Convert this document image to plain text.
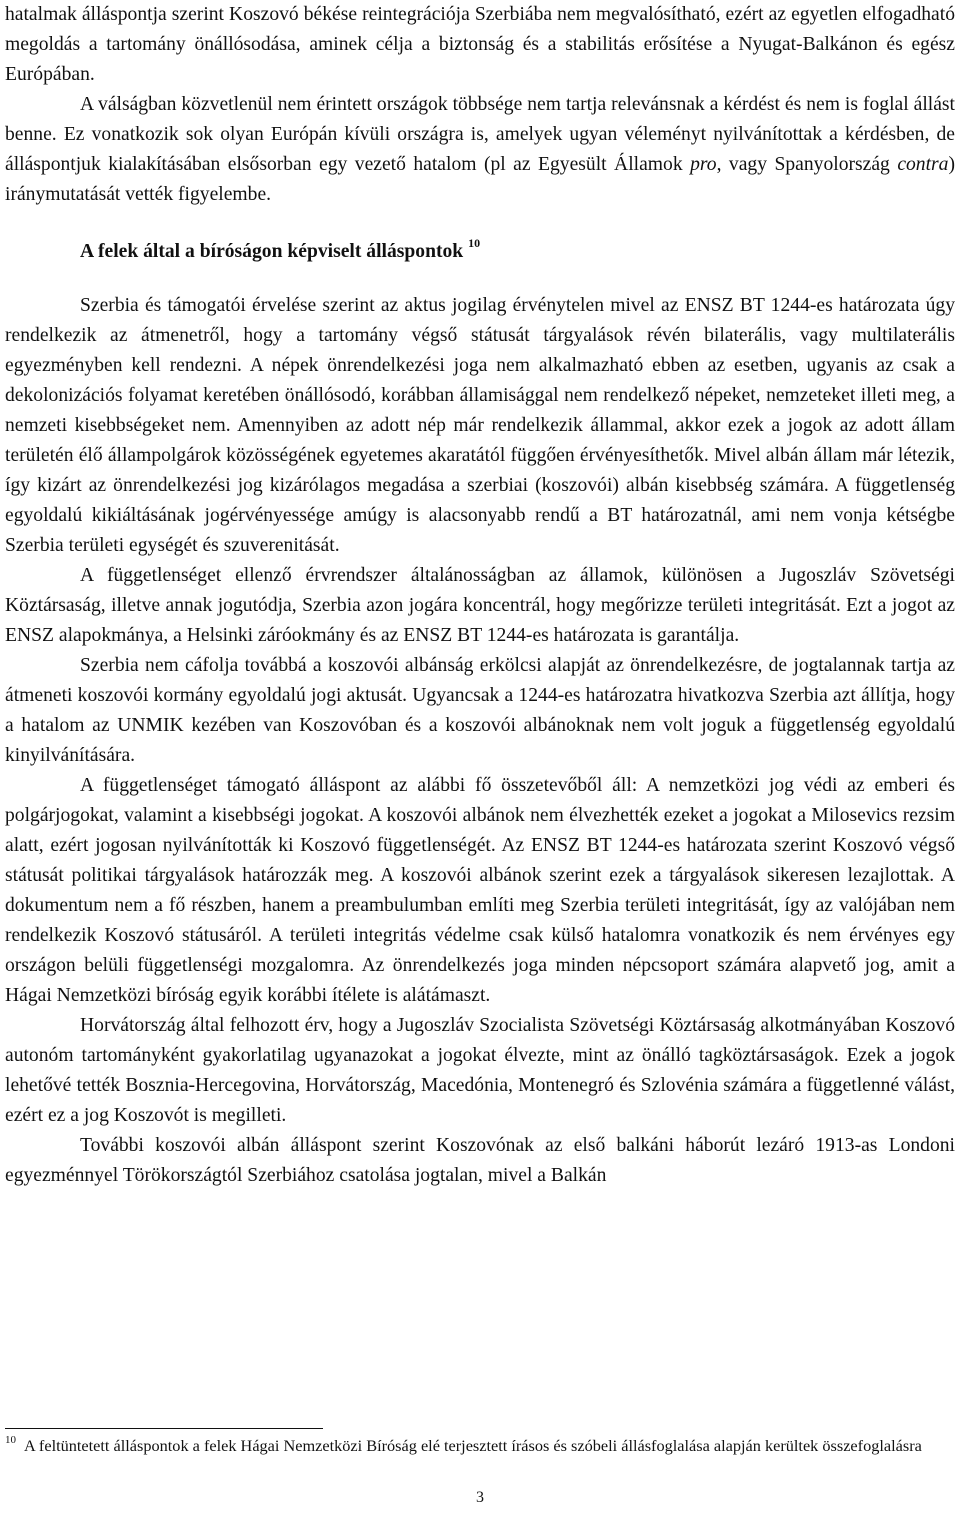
hatalmak álláspontja szerint Koszovó békése reintegrációja Szerbiába nem megvalósítható, ezért az egyetlen elfogadható megoldás a tartomány önállósodása, aminek célja a biztonság és a stabilitás erősítése a Nyugat-Balkánon és egész Európában.

A válságban közvetlenül nem érintett országok többsége nem tartja relevánsnak a kérdést és nem is foglal állást benne. Ez vonatkozik sok olyan Európán kívüli országra is, amelyek ugyan véleményt nyilvánítottak a kérdésben, de álláspontjuk kialakításában elsősorban egy vezető hatalom (pl az Egyesült Államok pro, vagy Spanyolország contra) iránymutatását vették figyelembe.

A felek által a bíróságon képviselt álláspontok $^{10}$

Szerbia és támogatói érvelése szerint az aktus jogilag érvénytelen mivel az ENSZ BT 1244-es határozata úgy rendelkezik az átmenetről, hogy a tartomány végső státusát tárgyalások révén bilaterális, vagy multilaterális egyezményben kell rendezni. A népek önrendelkezési joga nem alkalmazható ebben az esetben, ugyanis az csak a dekolonizációs folyamat keretében önállósodó, korábban államisággal nem rendelkező népeket, nemzeteket illeti meg, a nemzeti kisebbségeket nem. Amennyiben az adott nép már rendelkezik állammal, akkor ezek a jogok az adott állam területén élő állampolgárok közösségének egyetemes akaratától függően érvényesíthetők. Mivel albán állam már létezik, így kizárt az önrendelkezési jog kizárólagos megadása a szerbiai (koszovói) albán kisebbség számára. A függetlenség egyoldalú kikiáltásának jogérvényessége amúgy is alacsonyabb rendű a BT határozatnál, ami nem vonja kétségbe Szerbia területi egységét és szuverenitását.

A függetlenséget ellenző érvrendszer általánosságban az államok, különösen a Jugoszláv Szövetségi Köztársaság, illetve annak jogutódja, Szerbia azon jogára koncentrál, hogy megőrizze területi integritását. Ezt a jogot az ENSZ alapokmánya, a Helsinki záróokmány és az ENSZ BT 1244-es határozata is garantálja.

Szerbia nem cáfolja továbbá a koszovói albánság erkölcsi alapját az önrendelkezésre, de jogtalannak tartja az átmeneti koszovói kormány egyoldalú jogi aktusát. Ugyancsak a 1244-es határozatra hivatkozva Szerbia azt állítja, hogy a hatalom az UNMIK kezében van Koszovóban és a koszovói albánoknak nem volt joguk a függetlenség egyoldalú kinyilvánítására.

A függetlenséget támogató álláspont az alábbi fő összetevőből áll: A nemzetközi jog védi az emberi és polgárjogokat, valamint a kisebbségi jogokat. A koszovói albánok nem élvezhették ezeket a jogokat a Milosevics rezsim alatt, ezért jogosan nyilvánították ki Koszovó függetlenségét. Az ENSZ BT 1244-es határozata szerint Koszovó végső státusát politikai tárgyalások határozzák meg. A koszovói albánok szerint ezek a tárgyalások sikeresen lezajlottak. A dokumentum nem a fő részben, hanem a preambulumban említi meg Szerbia területi integritását, így az valójában nem rendelkezik Koszovó státusáról. A területi integritás védelme csak külső hatalomra vonatkozik és nem érvényes egy országon belüli függetlenségi mozgalomra. Az önrendelkezés joga minden népcsoport számára alapvető jog, amit a Hágai Nemzetközi bíróság egyik korábbi ítélete is alátámaszt.

Horvátország által felhozott érv, hogy a Jugoszláv Szocialista Szövetségi Köztársaság alkotmányában Koszovó autonóm tartományként gyakorlatilag ugyanazokat a jogokat élvezte, mint az önálló tagköztársaságok. Ezek a jogok lehetővé tették Bosznia-Hercegovina, Horvátország, Macedónia, Montenegró és Szlovénia számára a függetlenné válást, ezért ez a jog Koszovót is megilleti.

További koszovói albán álláspont szerint Koszovónak az első balkáni háborút lezáró 1913-as Londoni egyezménnyel Törökországtól Szerbiához csatolása jogtalan, mivel a Balkán

$^{10}$ A feltüntetett álláspontok a felek Hágai Nemzetközi Bíróság elé terjesztett írásos és szóbeli állásfoglalása alapján kerültek összefoglalásra
3
